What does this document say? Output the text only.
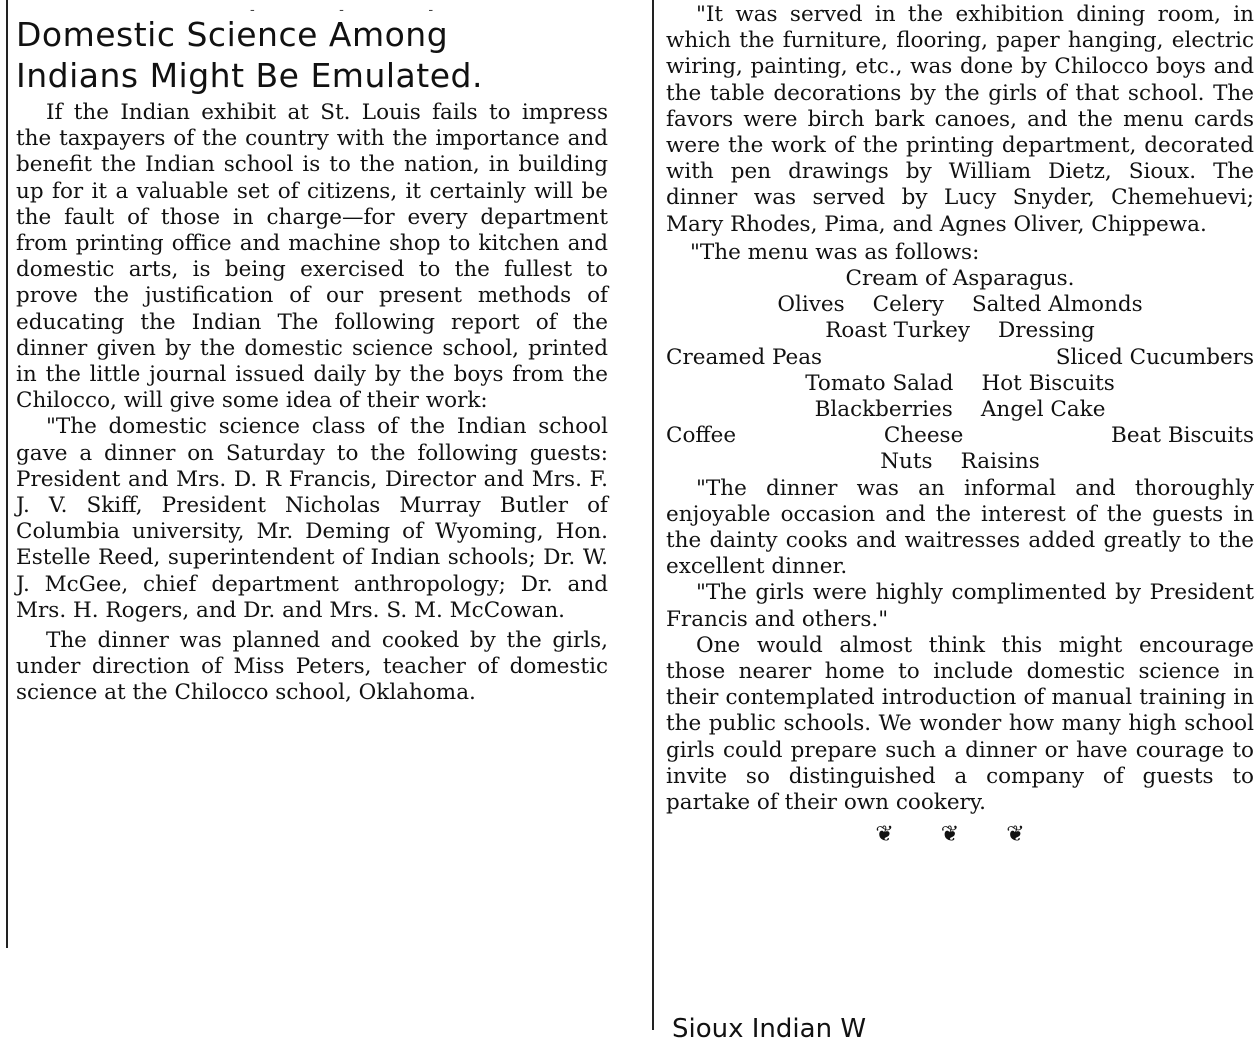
- - -
Domestic Science Among
Indians Might Be Emulated.

If the Indian exhibit at St. Louis fails to impress the taxpayers of the country with the importance and benefit the Indian school is to the nation, in building up for it a valuable set of citizens, it certainly will be the fault of those in charge—for every department from printing office and machine shop to kitchen and domestic arts, is being exercised to the fullest to prove the justification of our present methods of educating the Indian The following report of the dinner given by the domestic science school, printed in the little journal issued daily by the boys from the Chilocco, will give some idea of their work:

"The domestic science class of the Indian school gave a dinner on Saturday to the following guests: President and Mrs. D. R Francis, Director and Mrs. F. J. V. Skiff, President Nicholas Murray Butler of Columbia university, Mr. Deming of Wyoming, Hon. Estelle Reed, superintendent of Indian schools; Dr. W. J. McGee, chief department anthropology; Dr. and Mrs. H. Rogers, and Dr. and Mrs. S. M. McCowan.

The dinner was planned and cooked by the girls, under direction of Miss Peters, teacher of domestic science at the Chilocco school, Oklahoma.

"It was served in the exhibition dining room, in which the furniture, flooring, paper hanging, electric wiring, painting, etc., was done by Chilocco boys and the table decorations by the girls of that school. The favors were birch bark canoes, and the menu cards were the work of the printing department, decorated with pen drawings by William Dietz, Sioux. The dinner was served by Lucy Snyder, Chemehuevi; Mary Rhodes, Pima, and Agnes Oliver, Chippewa.

"The menu was as follows:

Cream of Asparagus.
Olives Celery Salted Almonds
Roast Turkey Dressing
Creamed Peas	Sliced Cucumbers
Tomato Salad Hot Biscuits
Blackberries Angel Cake
Coffee	Cheese	Beat Biscuits
Nuts Raisins

"The dinner was an informal and thoroughly enjoyable occasion and the interest of the guests in the dainty cooks and waitresses added greatly to the excellent dinner.

"The girls were highly complimented by President Francis and others."

One would almost think this might encourage those nearer home to include domestic science in their contemplated introduction of manual training in the public schools. We wonder how many high school girls could prepare such a dinner or have courage to invite so distinguished a company of guests to partake of their own cookery.

❦ ❦ ❦
Sioux Indian W
